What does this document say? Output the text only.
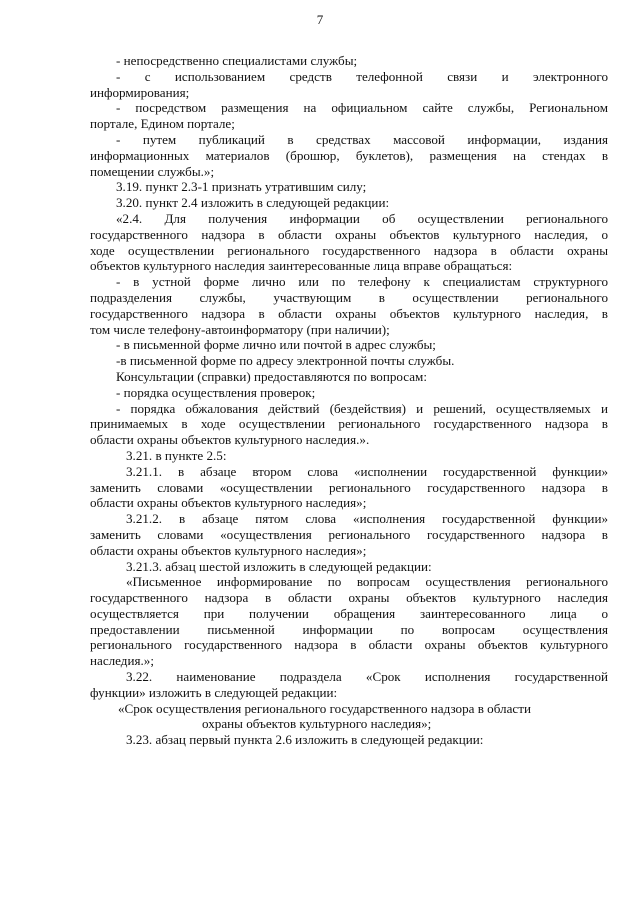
7
- непосредственно специалистами службы;
- с использованием средств телефонной связи и электронного
информирования;
- посредством размещения на официальном сайте службы, Региональном
портале, Едином портале;
- путем публикаций в средствах массовой информации, издания
информационных материалов (брошюр, буклетов), размещения на стендах в
помещении службы.»;
3.19. пункт 2.3-1 признать утратившим силу;
3.20. пункт 2.4 изложить в следующей редакции:
«2.4. Для получения информации об осуществлении регионального
государственного надзора в области охраны объектов культурного наследия, о
ходе осуществлении регионального государственного надзора в области охраны
объектов культурного наследия заинтересованные лица вправе обращаться:
- в устной форме лично или по телефону к специалистам структурного
подразделения службы, участвующим в осуществлении регионального
государственного надзора в области охраны объектов культурного наследия, в
том числе телефону-автоинформатору (при наличии);
- в письменной форме лично или почтой в адрес службы;
-в письменной форме по адресу электронной почты службы.
Консультации (справки) предоставляются по вопросам:
- порядка осуществления проверок;
- порядка обжалования действий (бездействия) и решений, осуществляемых и
принимаемых в ходе осуществлении регионального государственного надзора в
области охраны объектов культурного наследия.».
3.21. в пункте 2.5:
3.21.1. в абзаце втором слова «исполнении государственной функции»
заменить словами «осуществлении регионального государственного надзора в
области охраны объектов культурного наследия»;
3.21.2. в абзаце пятом слова «исполнения государственной функции»
заменить словами «осуществления регионального государственного надзора в
области охраны объектов культурного наследия»;
3.21.3. абзац шестой изложить в следующей редакции:
«Письменное информирование по вопросам осуществления регионального
государственного надзора в области охраны объектов культурного наследия
осуществляется при получении обращения заинтересованного лица о
предоставлении письменной информации по вопросам осуществления
регионального государственного надзора в области охраны объектов культурного
наследия.»;
3.22. наименование подраздела «Срок исполнения государственной
функции» изложить в следующей редакции:
«Срок осуществления регионального государственного надзора в области
охраны объектов культурного наследия»;
3.23. абзац первый пункта 2.6 изложить в следующей редакции:
